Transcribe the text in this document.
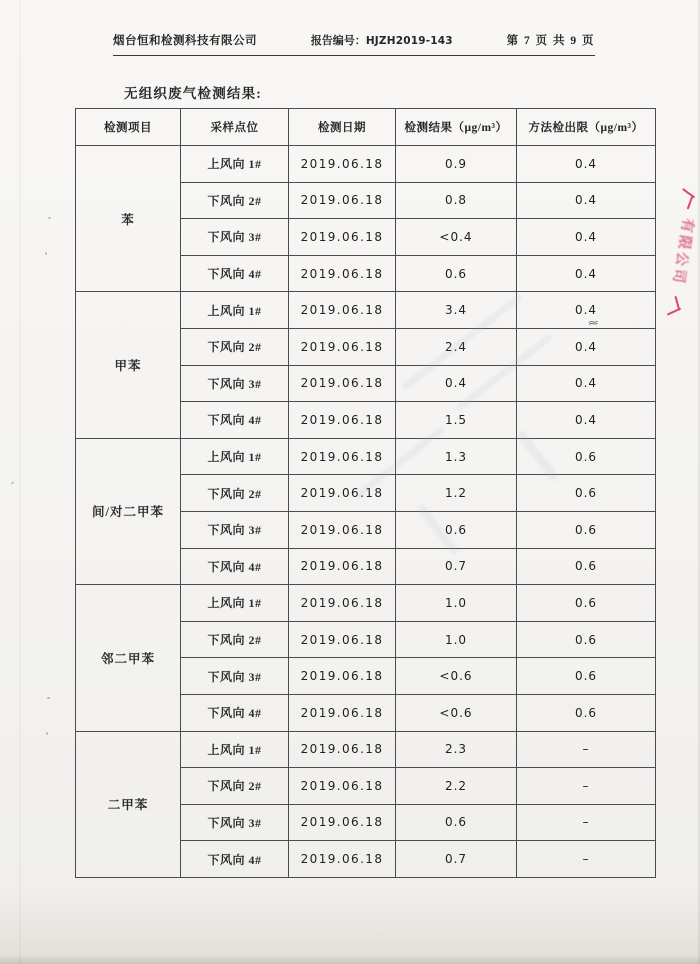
烟台恒和检测科技有限公司	报告编号：HJZH2019-143	第 7 页 共 9 页
无组织废气检测结果:
检测项目	采样点位	检测日期	检测结果（μg/m³）	方法检出限（μg/m³）
苯	上风向 1#	2019.06.18	0.9	0.4
	下风向 2#	2019.06.18	0.8	0.4
	下风向 3#	2019.06.18	<0.4	0.4
	下风向 4#	2019.06.18	0.6	0.4
甲苯	上风向 1#	2019.06.18	3.4	0.4
	下风向 2#	2019.06.18	2.4	0.4
	下风向 3#	2019.06.18	0.4	0.4
	下风向 4#	2019.06.18	1.5	0.4
间/对二甲苯	上风向 1#	2019.06.18	1.3	0.6
	下风向 2#	2019.06.18	1.2	0.6
	下风向 3#	2019.06.18	0.6	0.6
	下风向 4#	2019.06.18	0.7	0.6
邻二甲苯	上风向 1#	2019.06.18	1.0	0.6
	下风向 2#	2019.06.18	1.0	0.6
	下风向 3#	2019.06.18	<0.6	0.6
	下风向 4#	2019.06.18	<0.6	0.6
二甲苯	上风向 1#	2019.06.18	2.3	–
	下风向 2#	2019.06.18	2.2	–
	下风向 3#	2019.06.18	0.6	–
	下风向 4#	2019.06.18	0.7	–
有限公司
≈
